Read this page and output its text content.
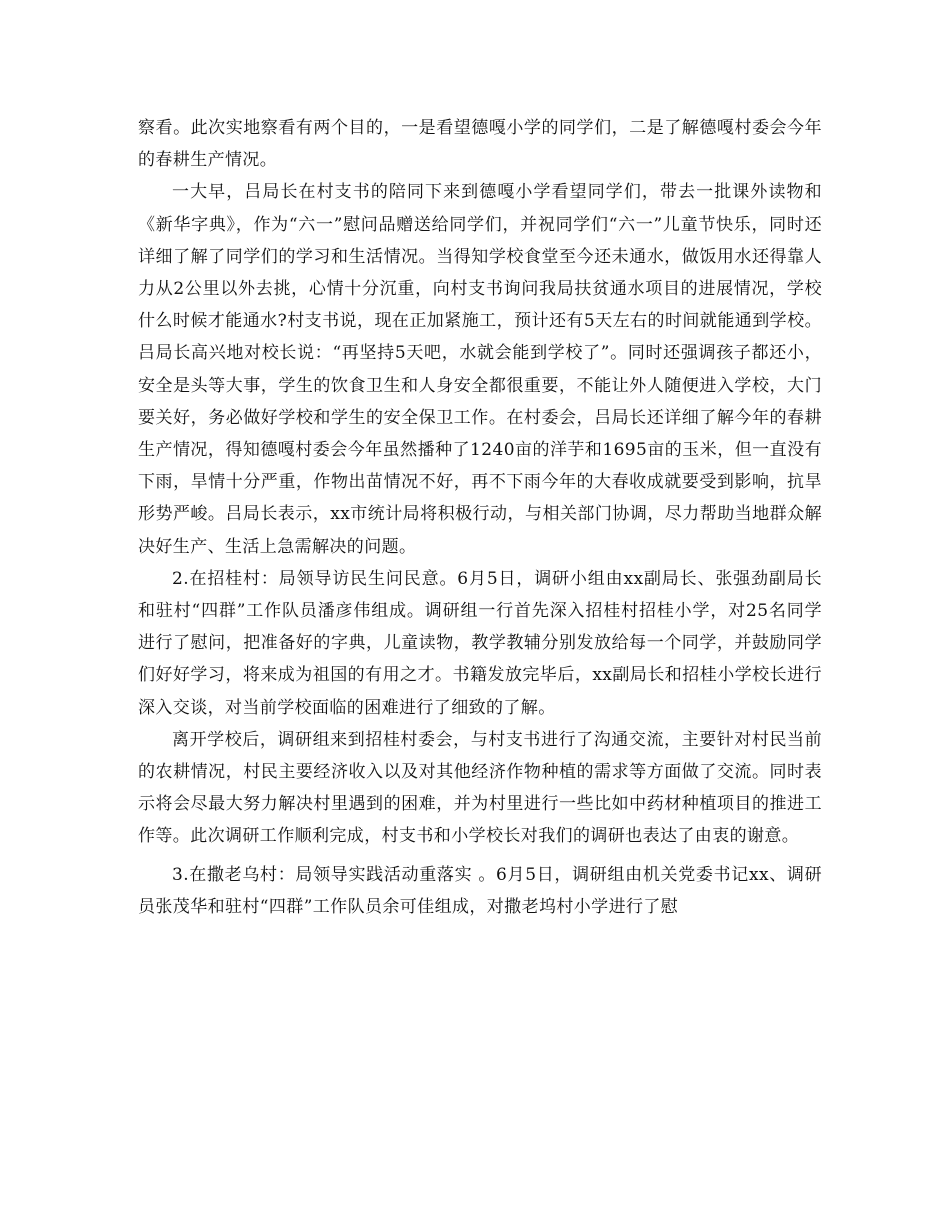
察看。此次实地察看有两个目的，一是看望德嘎小学的同学们，二是了解德嘎村委会今年的春耕生产情况。

一大早，吕局长在村支书的陪同下来到德嘎小学看望同学们，带去一批课外读物和《新华字典》，作为“六一”慰问品赠送给同学们，并祝同学们“六一”儿童节快乐，同时还详细了解了同学们的学习和生活情况。当得知学校食堂至今还未通水，做饭用水还得靠人力从2公里以外去挑，心情十分沉重，向村支书询问我局扶贫通水项目的进展情况，学校什么时候才能通水?村支书说，现在正加紧施工，预计还有5天左右的时间就能通到学校。吕局长高兴地对校长说：“再坚持5天吧，水就会能到学校了”。同时还强调孩子都还小，安全是头等大事，学生的饮食卫生和人身安全都很重要，不能让外人随便进入学校，大门要关好，务必做好学校和学生的安全保卫工作。在村委会，吕局长还详细了解今年的春耕生产情况，得知德嘎村委会今年虽然播种了1240亩的洋芋和1695亩的玉米，但一直没有下雨，旱情十分严重，作物出苗情况不好，再不下雨今年的大春收成就要受到影响，抗旱形势严峻。吕局长表示，xx市统计局将积极行动，与相关部门协调，尽力帮助当地群众解决好生产、生活上急需解决的问题。

2.在招桂村：局领导访民生问民意。6月5日，调研小组由xx副局长、张强劲副局长和驻村“四群”工作队员潘彦伟组成。调研组一行首先深入招桂村招桂小学，对25名同学进行了慰问，把准备好的字典，儿童读物，教学教辅分别发放给每一个同学，并鼓励同学们好好学习，将来成为祖国的有用之才。书籍发放完毕后，xx副局长和招桂小学校长进行深入交谈，对当前学校面临的困难进行了细致的了解。

离开学校后，调研组来到招桂村委会，与村支书进行了沟通交流，主要针对村民当前的农耕情况，村民主要经济收入以及对其他经济作物种植的需求等方面做了交流。同时表示将会尽最大努力解决村里遇到的困难，并为村里进行一些比如中药材种植项目的推进工作等。此次调研工作顺利完成，村支书和小学校长对我们的调研也表达了由衷的谢意。

3.在撒老乌村：局领导实践活动重落实 。6月5日，调研组由机关党委书记xx、调研员张茂华和驻村“四群”工作队员余可佳组成，对撒老坞村小学进行了慰
